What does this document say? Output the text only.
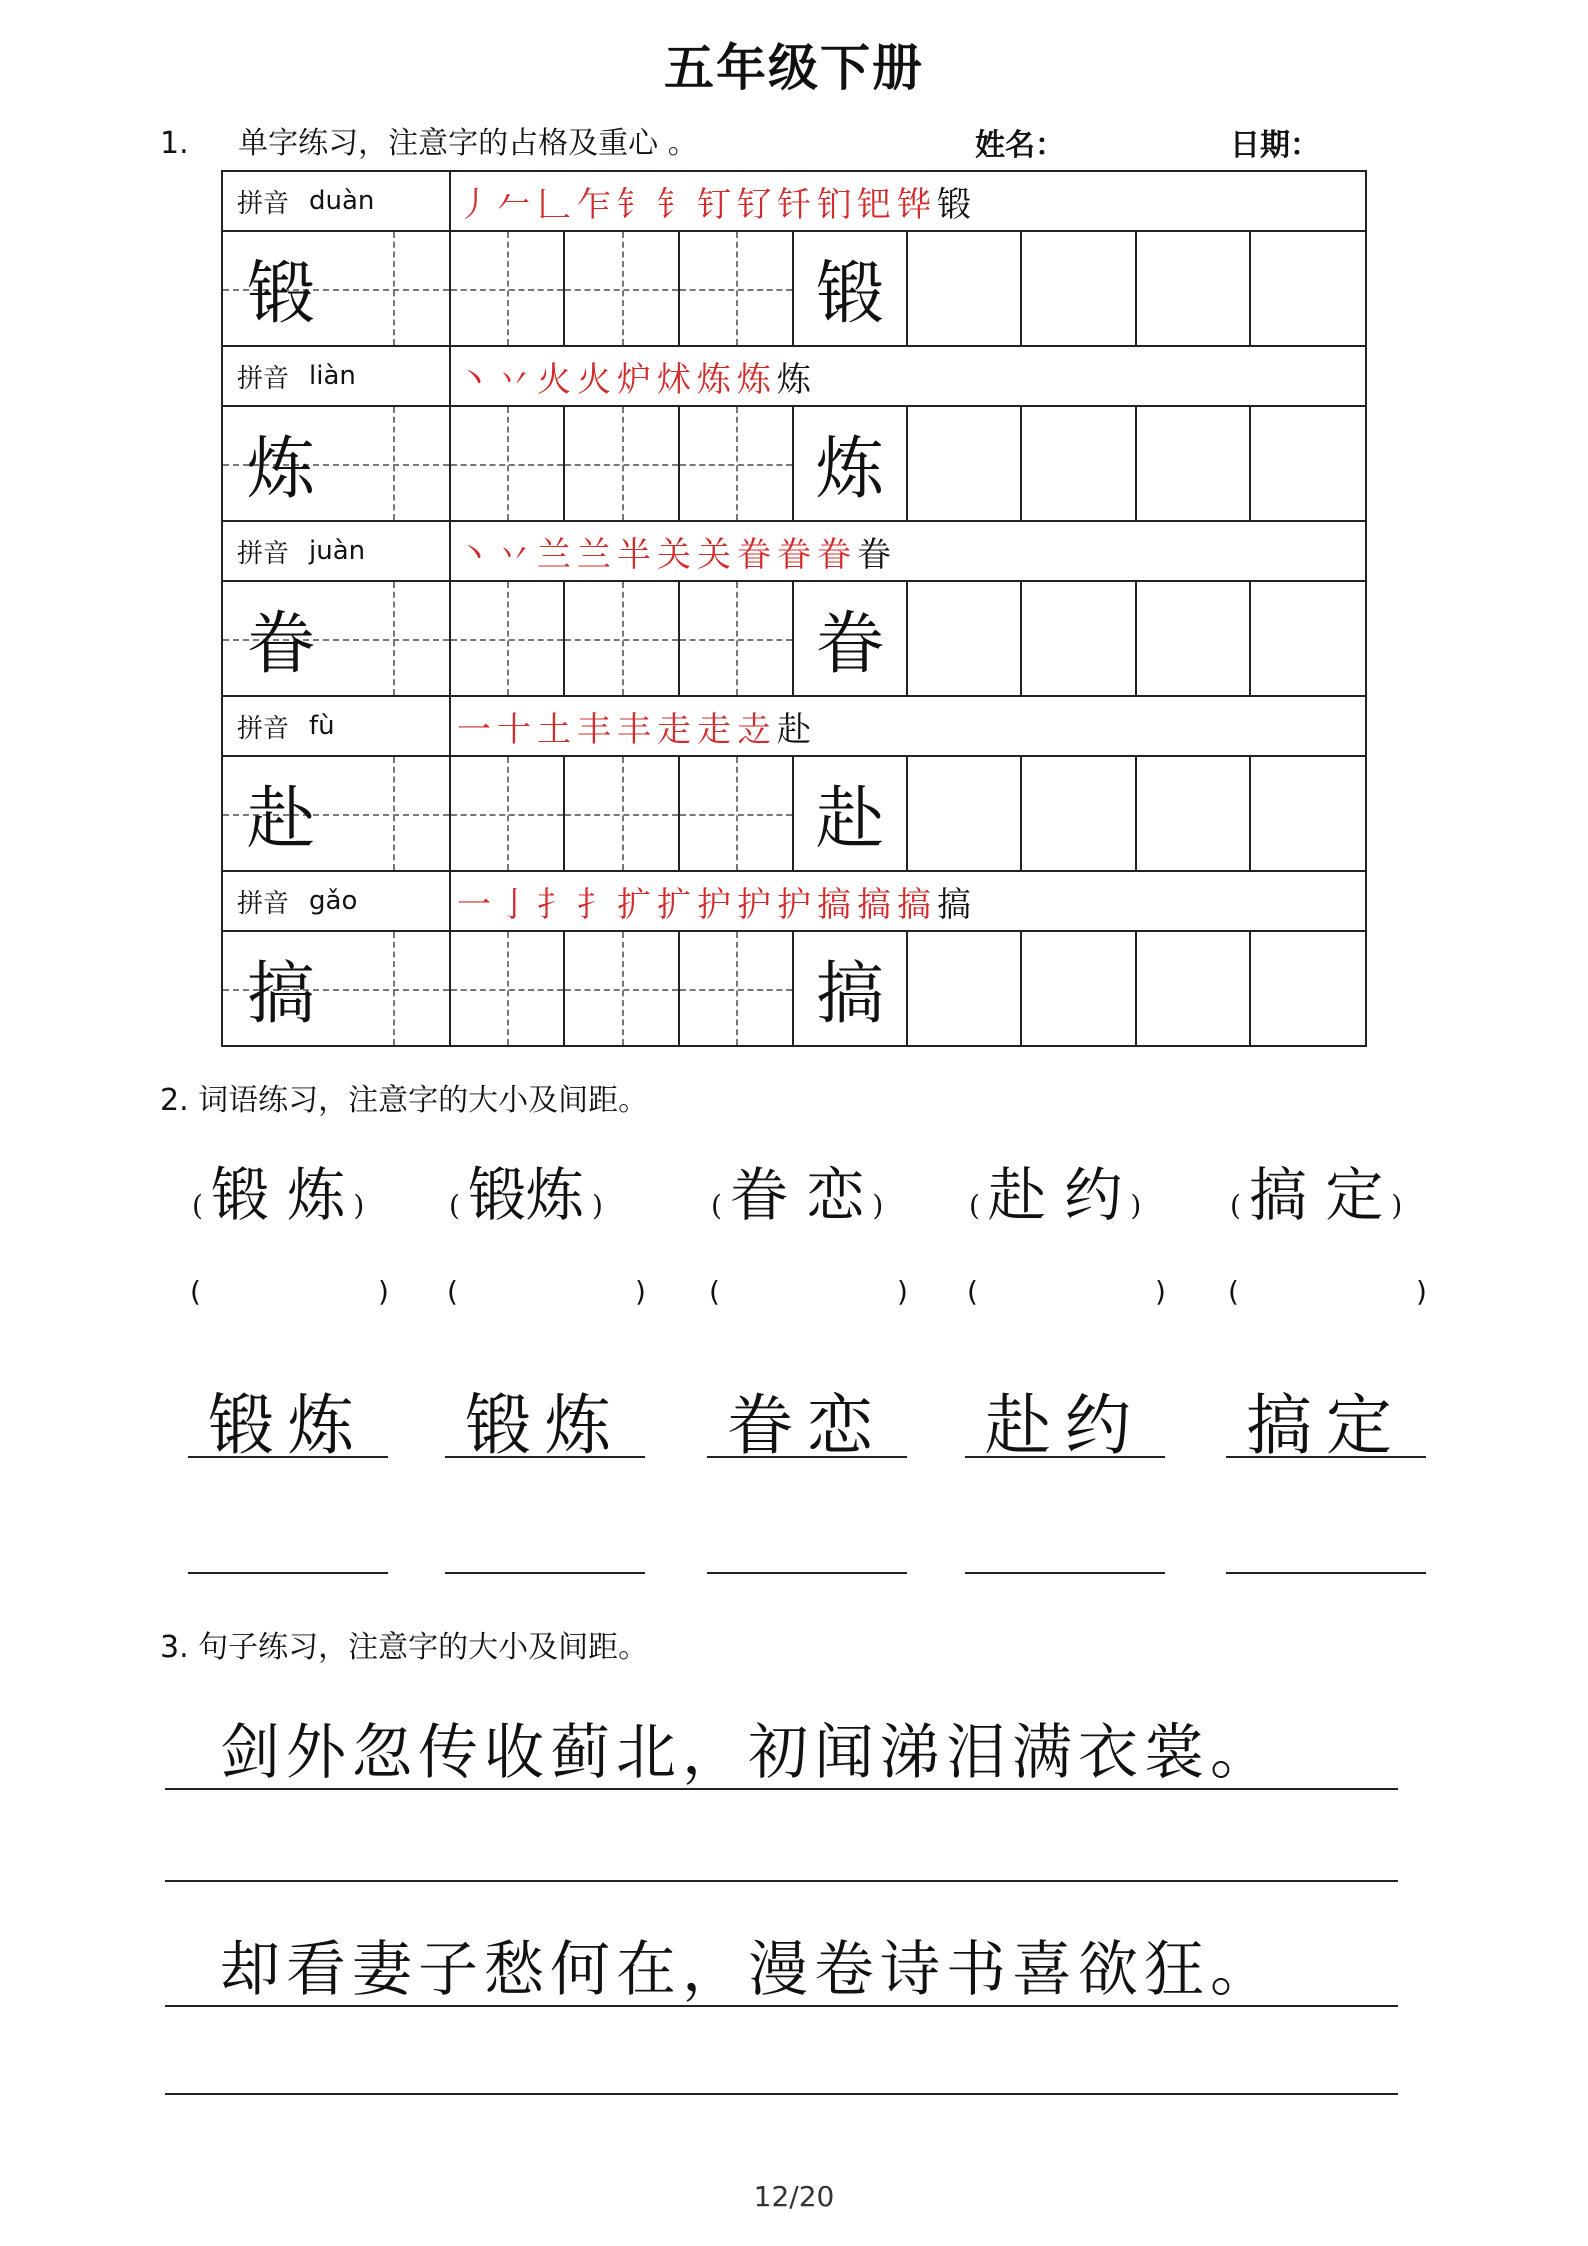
五年级下册
1. 单字练习，注意字的占格及重心 。	姓名：	日期：
拼音 duàn 丿 𠂉 𠃊 乍 钅 钅 钉 钌 钎 钔 钯 铧 锻
锻	锻
拼音 liàn	丶 丷 火 火 炉 炢 炼 炼 炼
炼	炼
拼音 juàn	丶 丷 兰 兰 半 关 关 眷 眷 眷 眷
眷	眷
拼音 fù	一 十 土 丰 丰 走 走 赱 赴
赴	赴
拼音 gǎo	一 亅 扌 扌 扩 扩 护 护 护 搞 搞 搞 搞
搞	搞
2. 词语练习，注意字的大小及间距。
( 锻 炼 )
(	)
锻炼
( 锻炼 )
(	)
锻炼
( 眷 恋 )
(	)
眷恋
( 赴 约 )
(	)
赴约
( 搞 定 )
(	)
搞定
3. 句子练习，注意字的大小及间距。
剑外忽传收蓟北，初闻涕泪满衣裳。
却看妻子愁何在，漫卷诗书喜欲狂。
12/20
